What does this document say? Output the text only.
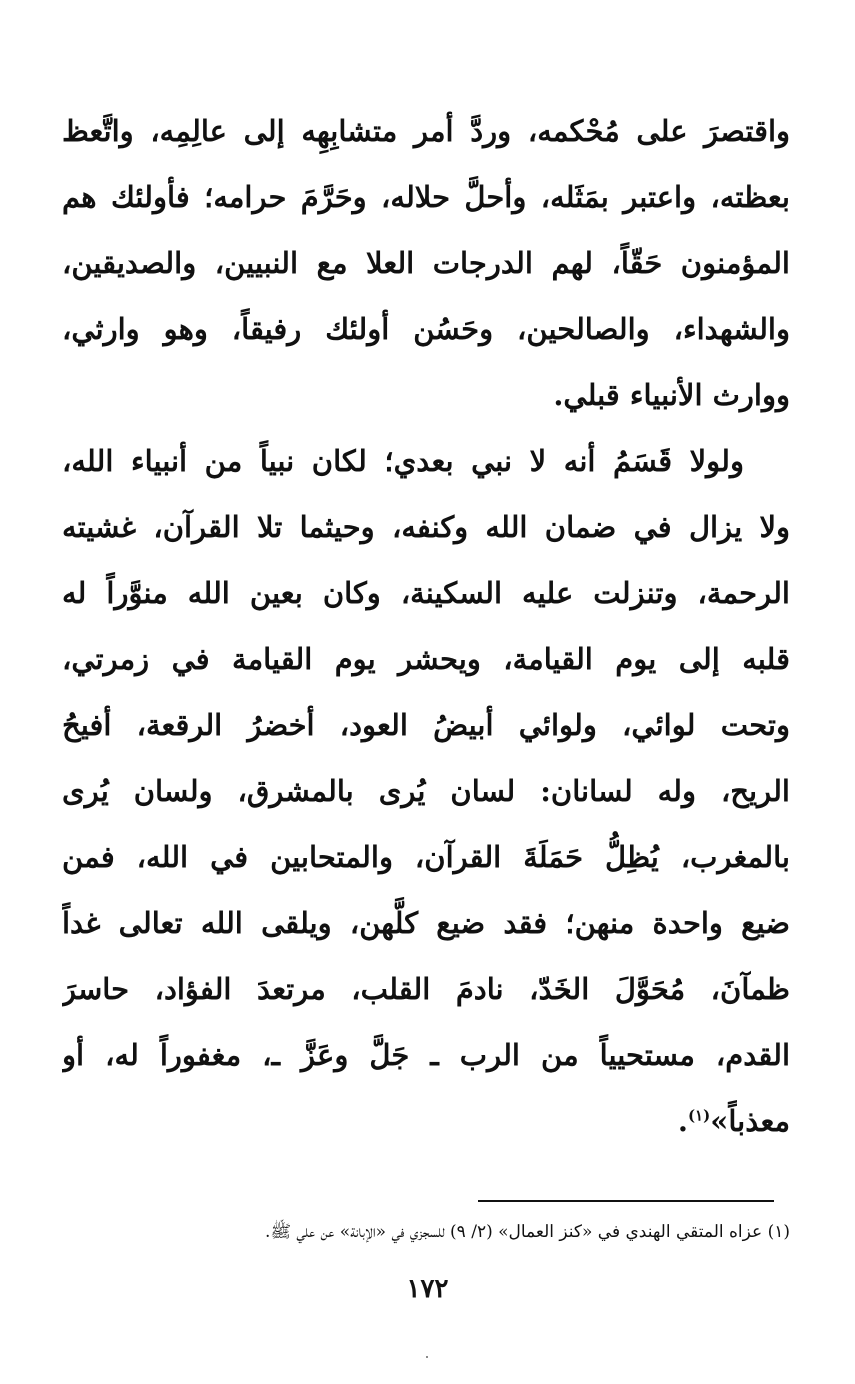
واقتصرَ على مُحْكمه، وردَّ أمر متشابِهِه إلى عالِمِه، واتَّعظ
بعظته، واعتبر بمَثَله، وأحلَّ حلاله، وحَرَّمَ حرامه؛ فأولئك هم
المؤمنون حَقّاً، لهم الدرجات العلا مع النبيين، والصديقين،
والشهداء، والصالحين، وحَسُن أولئك رفيقاً، وهو وارثي،
ووارث الأنبياء قبلي.
ولولا قَسَمُ أنه لا نبي بعدي؛ لكان نبياً من أنبياء الله،
ولا يزال في ضمان الله وكنفه، وحيثما تلا القرآن، غشيته
الرحمة، وتنزلت عليه السكينة، وكان بعين الله منوَّراً له
قلبه إلى يوم القيامة، ويحشر يوم القيامة في زمرتي،
وتحت لوائي، ولوائي أبيضُ العود، أخضرُ الرقعة، أفيحُ
الريح، وله لسانان: لسان يُرى بالمشرق، ولسان يُرى
بالمغرب، يُظِلُّ حَمَلَةَ القرآن، والمتحابين في الله، فمن
ضيع واحدة منهن؛ فقد ضيع كلَّهن، ويلقى الله تعالى غداً
ظمآنَ، مُحَوَّلَ الخَدّ، نادمَ القلب، مرتعدَ الفؤاد، حاسرَ
القدم، مستحيياً من الرب ـ جَلَّ وعَزَّ ـ، مغفوراً له، أو
معذباً»$^{(١)}$.
(١) عزاه المتقي الهندي في «كنز العمال» (٢/ ٩) للسجزي في «الإبانة» عن علي ﷺ.
١٧٢
